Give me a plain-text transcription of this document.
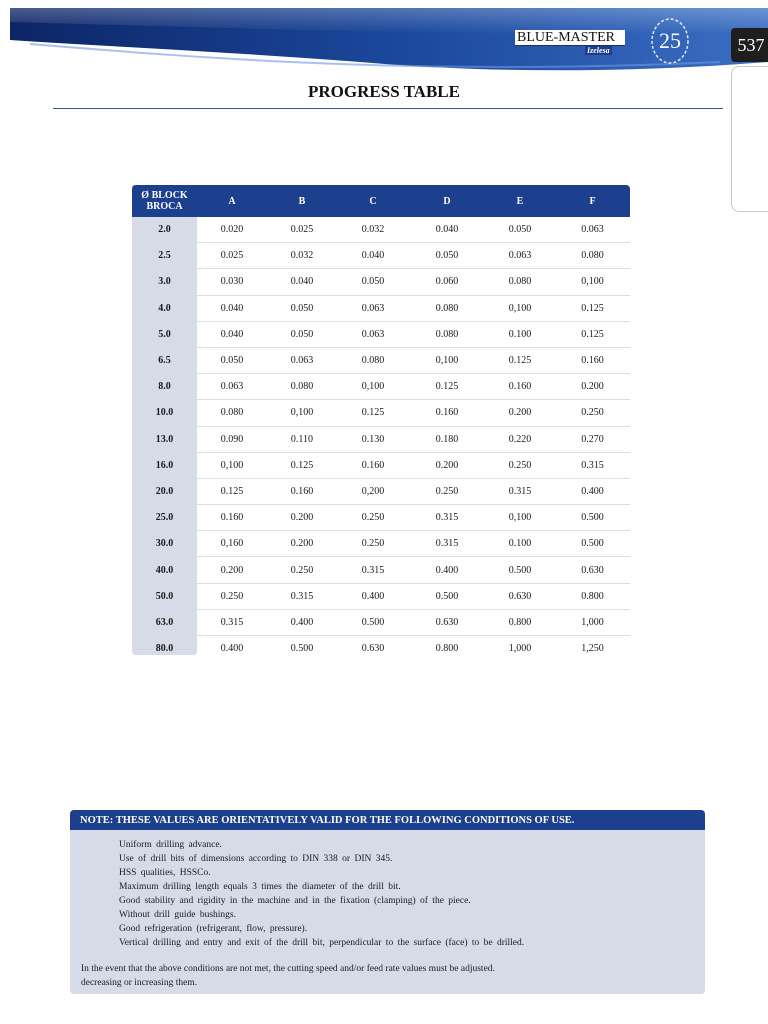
BLUE-MASTER
Izelesa 25	537
PROGRESS TABLE
Ø BLOCK
BROCA	A	B	C	D	E	F
2.0	0.020	0.025	0.032	0.040	0.050	0.063
2.5	0.025	0.032	0.040	0.050	0.063	0.080
3.0	0.030	0.040	0.050	0.060	0.080	0,100
4.0	0.040	0.050	0.063	0.080	0,100	0.125
5.0	0.040	0.050	0.063	0.080	0.100	0.125
6.5	0.050	0.063	0.080	0,100	0.125	0.160
8.0	0.063	0.080	0,100	0.125	0.160	0.200
10.0	0.080	0,100	0.125	0.160	0.200	0.250
13.0	0.090	0.110	0.130	0.180	0.220	0.270
16.0	0,100	0.125	0.160	0.200	0.250	0.315
20.0	0.125	0.160	0,200	0.250	0.315	0.400
25.0	0.160	0.200	0.250	0.315	0,100	0.500
30.0	0,160	0.200	0.250	0.315	0.100	0.500
40.0	0.200	0.250	0.315	0.400	0.500	0.630
50.0	0.250	0.315	0.400	0.500	0.630	0.800
63.0	0.315	0.400	0.500	0.630	0.800	1,000
80.0	0.400	0.500	0.630	0.800	1,000	1,250
NOTE: THESE VALUES ARE ORIENTATIVELY VALID FOR THE FOLLOWING CONDITIONS OF USE.
Uniform drilling advance.
Use of drill bits of dimensions according to DIN 338 or DIN 345.
HSS qualities, HSSCo.
Maximum drilling length equals 3 times the diameter of the drill bit.
Good stability and rigidity in the machine and in the fixation (clamping) of the piece.
Without drill guide bushings.
Good refrigeration (refrigerant, flow, pressure).
Vertical drilling and entry and exit of the drill bit, perpendicular to the surface (face) to be drilled.
In the event that the above conditions are not met, the cutting speed and/or feed rate values must be adjusted.
decreasing or increasing them.
